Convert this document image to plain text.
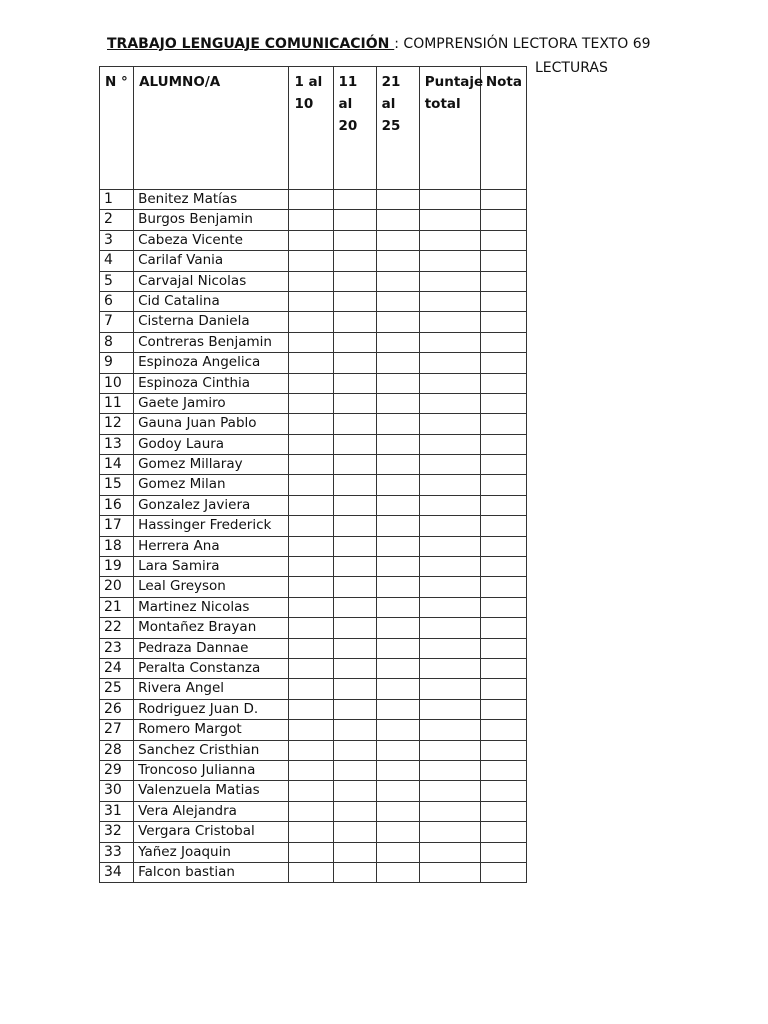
TRABAJO LENGUAJE COMUNICACIÓN : COMPRENSIÓN LECTORA TEXTO 69
LECTURAS
N °	ALUMNO/A	1 al 10	11 al 20	21 al 25	Puntaje total	Nota
1	Benitez Matías					
2	Burgos Benjamin					
3	Cabeza Vicente					
4	Carilaf Vania					
5	Carvajal Nicolas					
6	Cid Catalina					
7	Cisterna Daniela					
8	Contreras Benjamin					
9	Espinoza Angelica					
10	Espinoza Cinthia					
11	Gaete Jamiro					
12	Gauna Juan Pablo					
13	Godoy Laura					
14	Gomez Millaray					
15	Gomez Milan					
16	Gonzalez Javiera					
17	Hassinger Frederick					
18	Herrera Ana					
19	Lara Samira					
20	Leal Greyson					
21	Martinez Nicolas					
22	Montañez Brayan					
23	Pedraza Dannae					
24	Peralta Constanza					
25	Rivera Angel					
26	Rodriguez Juan D.					
27	Romero Margot					
28	Sanchez Cristhian					
29	Troncoso Julianna					
30	Valenzuela Matias					
31	Vera Alejandra					
32	Vergara Cristobal					
33	Yañez Joaquin					
34	Falcon bastian					
